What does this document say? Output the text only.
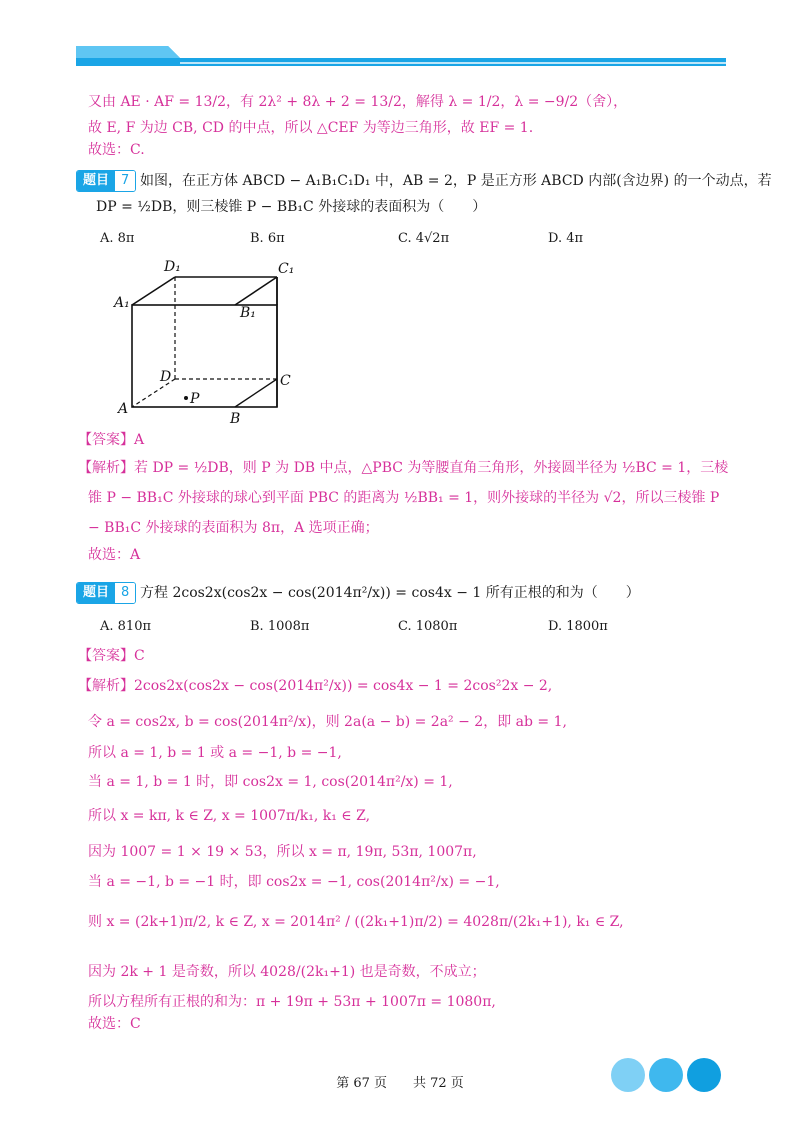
又由 AE · AF = 13/2，有 2λ² + 8λ + 2 = 13/2，解得 λ = 1/2，λ = −9/2（舍），
故 E, F 为边 CB, CD 的中点，所以 △CEF 为等边三角形，故 EF = 1.
故选：C.
题目 7 如图，在正方体 ABCD − A₁B₁C₁D₁ 中，AB = 2，P 是正方形 ABCD 内部(含边界) 的一个动点，若
DP = ½DB，则三棱锥 P − BB₁C 外接球的表面积为（　　）
A. 8π	B. 6π	C. 4√2π	D. 4π
D₁	C₁
A₁
B₁
D	C
A
B
P
【答案】A
【解析】若 DP = ½DB，则 P 为 DB 中点，△PBC 为等腰直角三角形，外接圆半径为 ½BC = 1，三棱
锥 P − BB₁C 外接球的球心到平面 PBC 的距离为 ½BB₁ = 1，则外接球的半径为 √2，所以三棱锥 P
− BB₁C 外接球的表面积为 8π，A 选项正确；
故选：A
题目 8 方程 2cos2x(cos2x − cos(2014π²/x)) = cos4x − 1 所有正根的和为（　　）
A. 810π	B. 1008π	C. 1080π	D. 1800π
【答案】C
【解析】2cos2x(cos2x − cos(2014π²/x)) = cos4x − 1 = 2cos²2x − 2,
令 a = cos2x, b = cos(2014π²/x)，则 2a(a − b) = 2a² − 2，即 ab = 1,
所以 a = 1, b = 1 或 a = −1, b = −1,
当 a = 1, b = 1 时，即 cos2x = 1, cos(2014π²/x) = 1,
所以 x = kπ, k ∈ Z, x = 1007π/k₁, k₁ ∈ Z,
因为 1007 = 1 × 19 × 53，所以 x = π, 19π, 53π, 1007π,
当 a = −1, b = −1 时，即 cos2x = −1, cos(2014π²/x) = −1,
则 x = (2k+1)π/2, k ∈ Z, x = 2014π² / ((2k₁+1)π/2) = 4028π/(2k₁+1), k₁ ∈ Z,
因为 2k + 1 是奇数，所以 4028/(2k₁+1) 也是奇数，不成立；
所以方程所有正根的和为：π + 19π + 53π + 1007π = 1080π,
故选：C
第 67 页　　共 72 页
